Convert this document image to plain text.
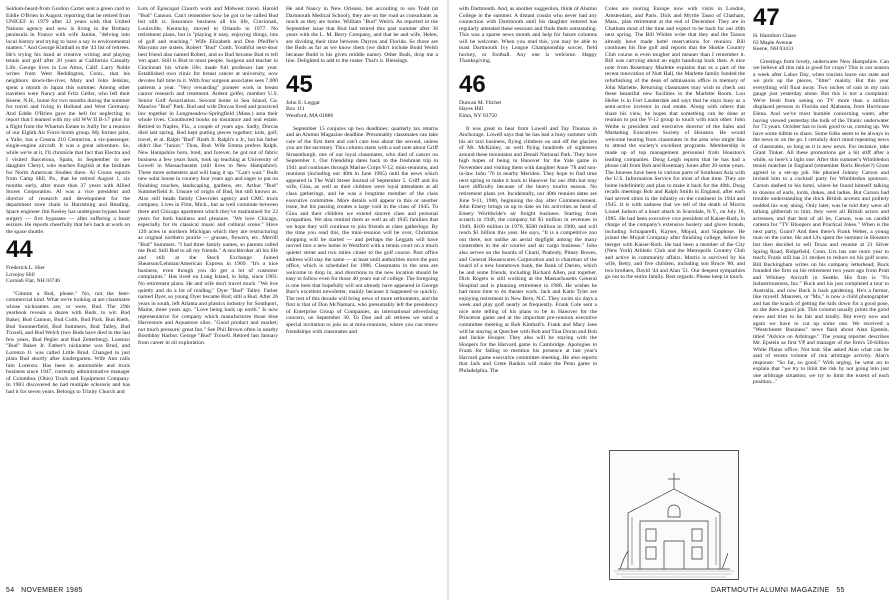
Seldom-heard-from Gordon Carter sent a green card to Eddie O'Brien in August, reporting that he retired from UNICEF in 1979 after 32 years with that United Nations agency and now is living in the Brittany peninsula in France with wife Janine, "delving into local history and trying to have a say in environmental matters." And George Kimball to the '43 list of retirees. He's trying his hand at creative writing and playing tennis and golf after 20 years at California Casualty Life. George lives in Los Altos, Calif. Larry Noble writes from West Reddington, Conn., that his neighbors down-the-river, Mary and John Jenkins, spent a month in Japan this summer. Among other travelers were Nancy and Fritz Geller, who left their Keene, N.H., home for two months during the summer for travel and living in Holland and West Germany. And Eddie O'Brien gave me hell for neglecting to report that I teamed with my old WW II B-17 pilot for a flight from the Wharton Estate to Juilly for a reunion of our Eighth Air Force bomb group. My former pilot, a Yalie, has a Cessna 210 Centurion, a six-passenger, single-engine aircraft. It was a great adventure. So, while we're at it, I'll chronicle that fact that Electra and I visited Barcelona, Spain, in September to see daughter Cheryl, who teaches English at the Institute for North American Studies there. Al Coons reports from Camp Hill, Pa., that he retired August 1, six months early, after more than 37 years with Allied Stores Corporation. Al was a vice president and director of research and development for the department store chain in Harrisburg and Reading. Space engineer Jim Keeley has undergone bypass heart surgery — five bypasses — after suffering a heart seizure. He reports cheerfully that he's back at work on the space shuttle.

44
Frederick L. Hier
Lovejoy Hill
Cornish Flat, NH 03746

"Gimme a Bud, please." No, not the beer-commercial kind. What we're looking at are classmates whose nicknames are, or were, Bud. The 29th yearbook reveals a dozen with Buds, to wit: Bud Baker, Bud Cannon, Bud Coith, Bud Park, Bud Rieth, Bud Summerfield, Bud Summers, Bud Talley, Bud Troxell, and Bud Welch (two Buds have died in the last few years, Bud Pegler and Bud Zetterberg). Lorenzo "Bud" Baker Jr. Father's nickname was Brud, and Lorenzo Jr. was called Little Brud. Changed to just plain Bud shortly after kindergarten. Wife Ann calls him Lorenzo. Has been in automobile and truck business since 1947, currently administrative manager of Columbus (Ohio) Truck and Equipment Company. In 1983 discovered he had multiple sclerosis and has had it for seven years. Belongs to Trinity Church and

Lots of Episcopal Church work and Midwest travel. Harold "Bud" Cannon. Can't remember how he got to be called Bud but still is. Insurance business all his life, Cincinnati, Louisville, Kentucky, moved to Orlando in 1977. No retirement plans, but is "playing it easy, enjoying things, lots of golf and teaching." Wife Elizabeth and Don Pfeiffer's Maryann are sisters. Robert "Bud" Coith. Youthful next-door best friend also named Robert, and so Bud became Bud to tell 'em apart. Still is Bud to most people. Surgeon and teacher in Cincinnati his whole life; made full professor last year. Established own clinic for breast cancer at university, now devotes full time to it. With four surgeon associates sees 7,000 patients a year. "Very rewarding" pioneer work in breast cancer research and treatment. Ardent golfer, member U.S. Senior Golf Association. Second home in Sea Island, Ga. Maurice "Bud" Park. Bud and wife Dorcas lived and practiced law together in Longmeadow-Springfield (Mass.) area their whole lives. Coauthored books on insurance and real estate. Retired to Naples, Fla., a couple of years ago. Sadly, Dorcas died last spring. Bud kept putting pieces together; kids, golf, travel, et al. Ralph "Bud" Rieth Jr. Ralph's a Jr., but his father didn't like "Junior." Thus, Bud. Wife Emma prefers Ralph. New Hampshire born, bred, and forever, he got out of fabric business a few years back, took up teaching at University of Lowell in Massachusetts (still lives in New Hampshire). Three more semesters and will hang it up. "Can't wait." Built new solar house in country four years ago and eager to put on finishing touches, landscaping, gardens, etc. Arthur "Bud" Summerfield Jr. Unsure of origin of Bud, but still known as. Also still heads family Chevrolet agency and GMC truck company. Lives in Flint, Mich., but as well commute between there and Chicago apartment which they've maintained for 22 years for both business and pleasure. "We love Chicago, especially for its classical music and cultural scene." Have 120 acres in northern Michigan which they are restructuring as original northern prairie — grasses, flowers, etc. Merrill "Bud" Summers. "I had three family names, so parents called me Bud. Still Bud to all my friends." A stockbroker all his life and still at the Stock Exchange. Joined Shearson/Lehman/American Express in 1969. "It's a nice business, even though you do get a lot of customer complaints." Has lived on Long Island, in Islip, since 1963. No retirement plans. He and wife don't travel much. "We live quietly and do a lot of reading." Dyer "Bud" Talley. Father named Dyer, so young Dyer became Bud; still a Bud. After 26 years in south, left Atlanta and plastics industry for Southport, Maine, three years ago. "Love being back up north." Is now representative for company which manufactures those blue Harvestore and Aquastore silos. "Good product and market; not much pressure; great fun." See Phil Brown often in nearby Boothbay Harbor. George "Bud" Troxell. Retired last January from career in oil exploration.

He and Nancy in New Orleans, but according to son Todd (at Dartmouth Medical School), they are on the road as consultants as much as they are home. William "Bud" Welch. As reported in the September issue that Bud had retired this past summer after 36 years with the L. M. Berry Company, and that he and wife, Helen, are dividing their time between Dayton and Florida. So those are the Buds as far as we know them (we didn't include Budd Welsh because Budd is his given middle name). Other Buds, drop me a line. Delighted to add to the roster. That's it. Blessings.

45
John E. Leggat
Box 111
Westford, MA 01886

September 15 conjures up two deadlines: quarterly tax returns and an Alumni Magazine deadline. Presumably classmates can take care of the first item and can't care less about the second, unless you are the secretary. This column starts with a sad note about Griff Strasenburgh, one of our loyal classmates, who died of cancer on September 1. Our friendship dates back to the freshman trip in 1941 and continues through Marine Corps V-12, mini-reunions, and reunions (including our 40th in June 1985) until the news which appeared in The Wall Street Journal of September 5. Griff and his wife, Gina, as well as their children were loyal attendants at all class gatherings, and he was a longtime member of the class executive committee. More details will appear in this or another issue, but his passing creates a large void in the class of 1945. To Gina and their children we extend sincere class and personal sympathies. We also remind them as well as all 1945 families that we hope they will continue to join friends at class gatherings. By the time you read this, the mini-reunion will be over, Christmas shopping will be started — and perhaps the Leggats will have moved into a new home in Westford with a tennis court on a much quieter street and two miles closer to the golf course. Post office address will stay the same — at least until authorities move the post office, which is scheduled for 1986. Classmates in the area are welcome to drop in, and directions to the new location should be easy to follow even for those 40 years out of college. The foregoing is one item that hopefully will not already have appeared in George Barr's excellent newsletter, mainly because it happened so quickly. The rest of this decade will bring news of more retirements, and the first is that of Don McNamara, who presumably left the presidency of Enterprise Group of Companies, an international advertising concern, on September 30. To Don and all retirees we send a special invitation to join us at mini-reunions, where you can renew friendships with classmates and

54 NOVEMBER 1985

with Dartmouth. And, as another suggestion, think of Alumni College in the summer. A distant cousin who never had any connection with Dartmouth until his daughter entered has regularly attended these sessions and finds them outstanding. This was a sparse news month and help for future columns will be welcome. When you read this, you may be able to toast Dartmouth Ivy League Championship soccer, field hockey, or football. Any one is welcome. Happy Thanksgiving.

46
Duncan M. Fitchet
Hayes Hill
Elma, NY 03750

It was great to hear from Lowell and Tay Thomas in Anchorage. Lowell says that he has had a busy summer with his air taxi business, flying climbers on and off the glaciers of Mt. McKinley, as well flying hundreds of sightseers around these mountains and Denali National Park. They have high hopes of being in Hanover for the Yale game in November and visiting them with daughter Anne '78 and son-in-law John '76 in nearby Meriden. They hope to find time next spring to make it back to Hanover for our 40th but may have difficulty because of the heavy tourist season. No retirement plans yet. Incidentally, our 40th reunion dates are June 9-11, 1986, beginning the day after Commencement. John Emery brings us up to date on his activities as head of Emery Worldwide's air freight business. Starting from scratch in 1946, the company hit $1 million in revenues in 1949, $100 million in 1970, $500 million in 1980, and will reach $1 billion this year. He says, "It is a competitive zoo out there, not unlike an aerial dogfight among the many contenders in the air courier and air cargo business." John also serves on the boards of Chartl, Peabody, Pitney Bowes, and General Housewares Corporation and is chairman of the board of a new hometown bank, the Bank of Darien, which he and some friends, including Richard Allen, put together. Dick Rogers is still working at the Massachusetts General Hospital and is planning retirement in 1986. He wishes he had more time to do theater work. Jack and Katie Tyler are enjoying retirement in New Bern, N.C. They swim six days a week and play golf nearly as frequently. Frank Cole sent a nice note telling of his plans to be in Hanover for the Princeton game and at the important pre-reunion executive committee meeting at Bob Kimball's. Frank and Mary Jane will be staying at Quechee with Bob and Tina Doran and Bob and Jackie Hooper. They also will be staying with the Hoopers for the Harvard game in Cambridge. Apologies to Frank for failing to mention his presence at last year's Harvard game executive committee meeting. He also reports that Jack and Grete Rankin will make the Penn game in Philadelphia. The

Coles are touring Europe now with visits in London, Amsterdam, and Paris. Dick and Myrtle Tasso of Chatham, Mass., plan retirement at the end of December. They are in Chatham most of the time and expect to be back for our 40th next spring. The Bill Whites write that they and the Tassos already have made hotel reservations for reunion. Bill continues his fine golf and reports that the Skokie Country Club course is even tougher and meaner than I remember it. Bill was carrying about an eight handicap back then. A nice note from Rosemary Marlette explains that as a part of the recent renovation of Nutt Hall, the Marlette family funded the refurbishing of the dean of admissions office in memory of John Marlette. Returning classmates may wish to check out these beautiful new facilities in the Marlette Room. Lou Heller is in Fort Lauderdale and says that he stays busy as a semi-active investor in real estate. Along with others that share his view, he hopes that something can be done at reunion to put the V-12 group in touch with each other. John Weihe is president and executive director of the Sales and Marketing Executives Society of Houston. He would welcome hearing from classmates in the area who might like to attend the society's excellent programs. Membership is made up of top management personnel from Houston's leading companies. Doug Leigh reports that he has had a phone call from Bob and Rosemary Jones after 20 some years. The Joneses have been in various parts of Southeast Asia with the U.S. Information Service for most of that time. They are home indefinitely and plan to make it back for the 40th. Doug recalls meetings Bob and Ralph Smith in England, after each had served stints in the infantry on the continent in 1944 and 1945. It is with sadness that we tell of the death of Morris Lionel Judson of a heart attack in Scarsdale, N.Y., on July 18, 1985. He had been executive vice president of Kaiser-Roth, in charge of the company's extensive hosiery and glove brands, including Schiaparelli, Kayser, Mojud, and Supphose. He joined the Mojud Company after finishing college, before its merger with Kaiser-Roth. He had been a member of the City (New York) Athletic Club and the Metropolis Country Club and active in community affairs. Morris is survived by his wife, Betty, and five children, including son Bruce '80, and two brothers, David '44 and Alan '51. Our deepest sympathies go out to the entire family. Best regards. Please keep in touch.

47
H. Hamilton Chase
63 Maple Avenue
Keene, NH 03431

Greetings from lovely, underwater New Hampshire. Can we believe all this rain is good for crops? This is our season a week after Labor Day, when tourists leave our state and we pick up the pieces, "litter" mainly. But this year everything will float away. Two inches of rain in my rain gauge just yesterday alone. But this is not a complaint: We're fresh from seeing on TV more than a million displaced persons in Florida and Alabama, from Hurricane Elena. And we've most humble concerning water, after having viewed yesterday the hulk of the Titanic underwater for 73 years. October has to look good to us, coming up. We have some tidbits to share. Some folks seem to be always in the news or on the go. I certainly don't mind repeating news of classmates, so long as it is new news. For instance, take Grant Tinker. All these promotions get a bit stiff after a while, so here's a light one: After this summer's Wimbledon tennis matches in England (remember Boris Becker?) Grant agreed to a set-up job. He phoned Johnny Carson and invited him to a cocktail party for Wimbledon sponsors. Carson dashed to his hotel, where he found himself talking to dozens of earls, lords, dukes, and ladies. But Carson had trouble understanding the thick British accents and politely nodded his way along. Only later, was he told they were all talking gibberish to him; they were all British actors and actresses, and that best of all he, Carson, was on candid camera for "TV Bloopers and Practical Jokes." When is the next party, Grant? And then there's Frank Weber, a young man on the come. He and Urs spent the summer in Houston but then decided to sell Texas and resume at 21 Silver Spring Road, Ridgefield, Conn. Urs has one more year to teach; Frank still has 21 strokes to reduce on his golf score. Bill Buckingham writes on his company letterhead; Buck founded the firm on his retirement two years ago from Pratt and Whitney Aircraft in Seattle. His firm is "Fn Industriousness, Inc." Buck and his just completed a tour to Australia, and now Buck is back gardening. He's a farmer, like myself. Maureen, or "Mo," is now a child photographer and has the knack of getting the kids down for a good pose, so she does a good job. This column usually prints the good news and tries to be fair and kindly. But every now and again we have to cut up some one. We received a "Westchester Business" news flash about Alan Epstein, titled "Advice on Arbitrage." The young reporter describes Mr. Epstein as first VP and manager of the firm's 50-billion White Plains office. Not bad. She asked Alan what can be said of recent volume of risk arbitrage activity. Alan's response: "So far, so good." With urging, he went on to explain that "we try to limit the risk by not going into just one arbitrage situation; we try to limit the extent of each position..."

DARTMOUTH ALUMNI MAGAZINE 55
